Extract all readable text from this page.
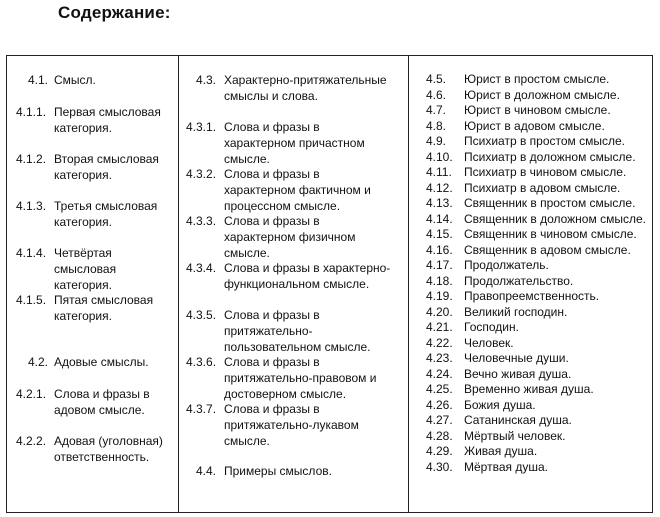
Содержание:
4.1. Смысл.
4.1.1. Первая смысловая категория.
4.1.2. Вторая смысловая категория.
4.1.3. Третья смысловая категория.
4.1.4. Четвёртая смысловая категория.
4.1.5. Пятая смысловая категория.
4.2. Адовые смыслы.
4.2.1. Слова и фразы в адовом смысле.
4.2.2. Адовая (уголовная) ответственность.
4.3. Характерно-притяжательные смыслы и слова.
4.3.1. Слова и фразы в характерном причастном смысле.
4.3.2. Слова и фразы в характерном фактичном и процессном смысле.
4.3.3. Слова и фразы в характерном физичном смысле.
4.3.4. Слова и фразы в характерно-функциональном смысле.
4.3.5. Слова и фразы в притяжательно-пользовательном смысле.
4.3.6. Слова и фразы в притяжательно-правовом и достоверном смысле.
4.3.7. Слова и фразы в притяжательно-лукавом смысле.
4.4. Примеры смыслов.
4.5.	Юрист в простом смысле.
4.6.	Юрист в доложном смысле.
4.7.	Юрист в чиновом смысле.
4.8.	Юрист в адовом смысле.
4.9.	Психиатр в простом смысле.
4.10. Психиатр в доложном смысле.
4.11.	Психиатр в чиновом смысле.
4.12. Психиатр в адовом смысле.
4.13. Священник в простом смысле.
4.14. Священник в доложном смысле.
4.15. Священник в чиновом смысле.
4.16. Священник в адовом смысле.
4.17. Продолжатель.
4.18. Продолжательство.
4.19. Правопреемственность.
4.20. Великий господин.
4.21. Господин.
4.22. Человек.
4.23. Человечные души.
4.24. Вечно живая душа.
4.25. Временно живая душа.
4.26. Божия душа.
4.27. Сатанинская душа.
4.28. Мёртвый человек.
4.29. Живая душа.
4.30. Мёртвая душа.
